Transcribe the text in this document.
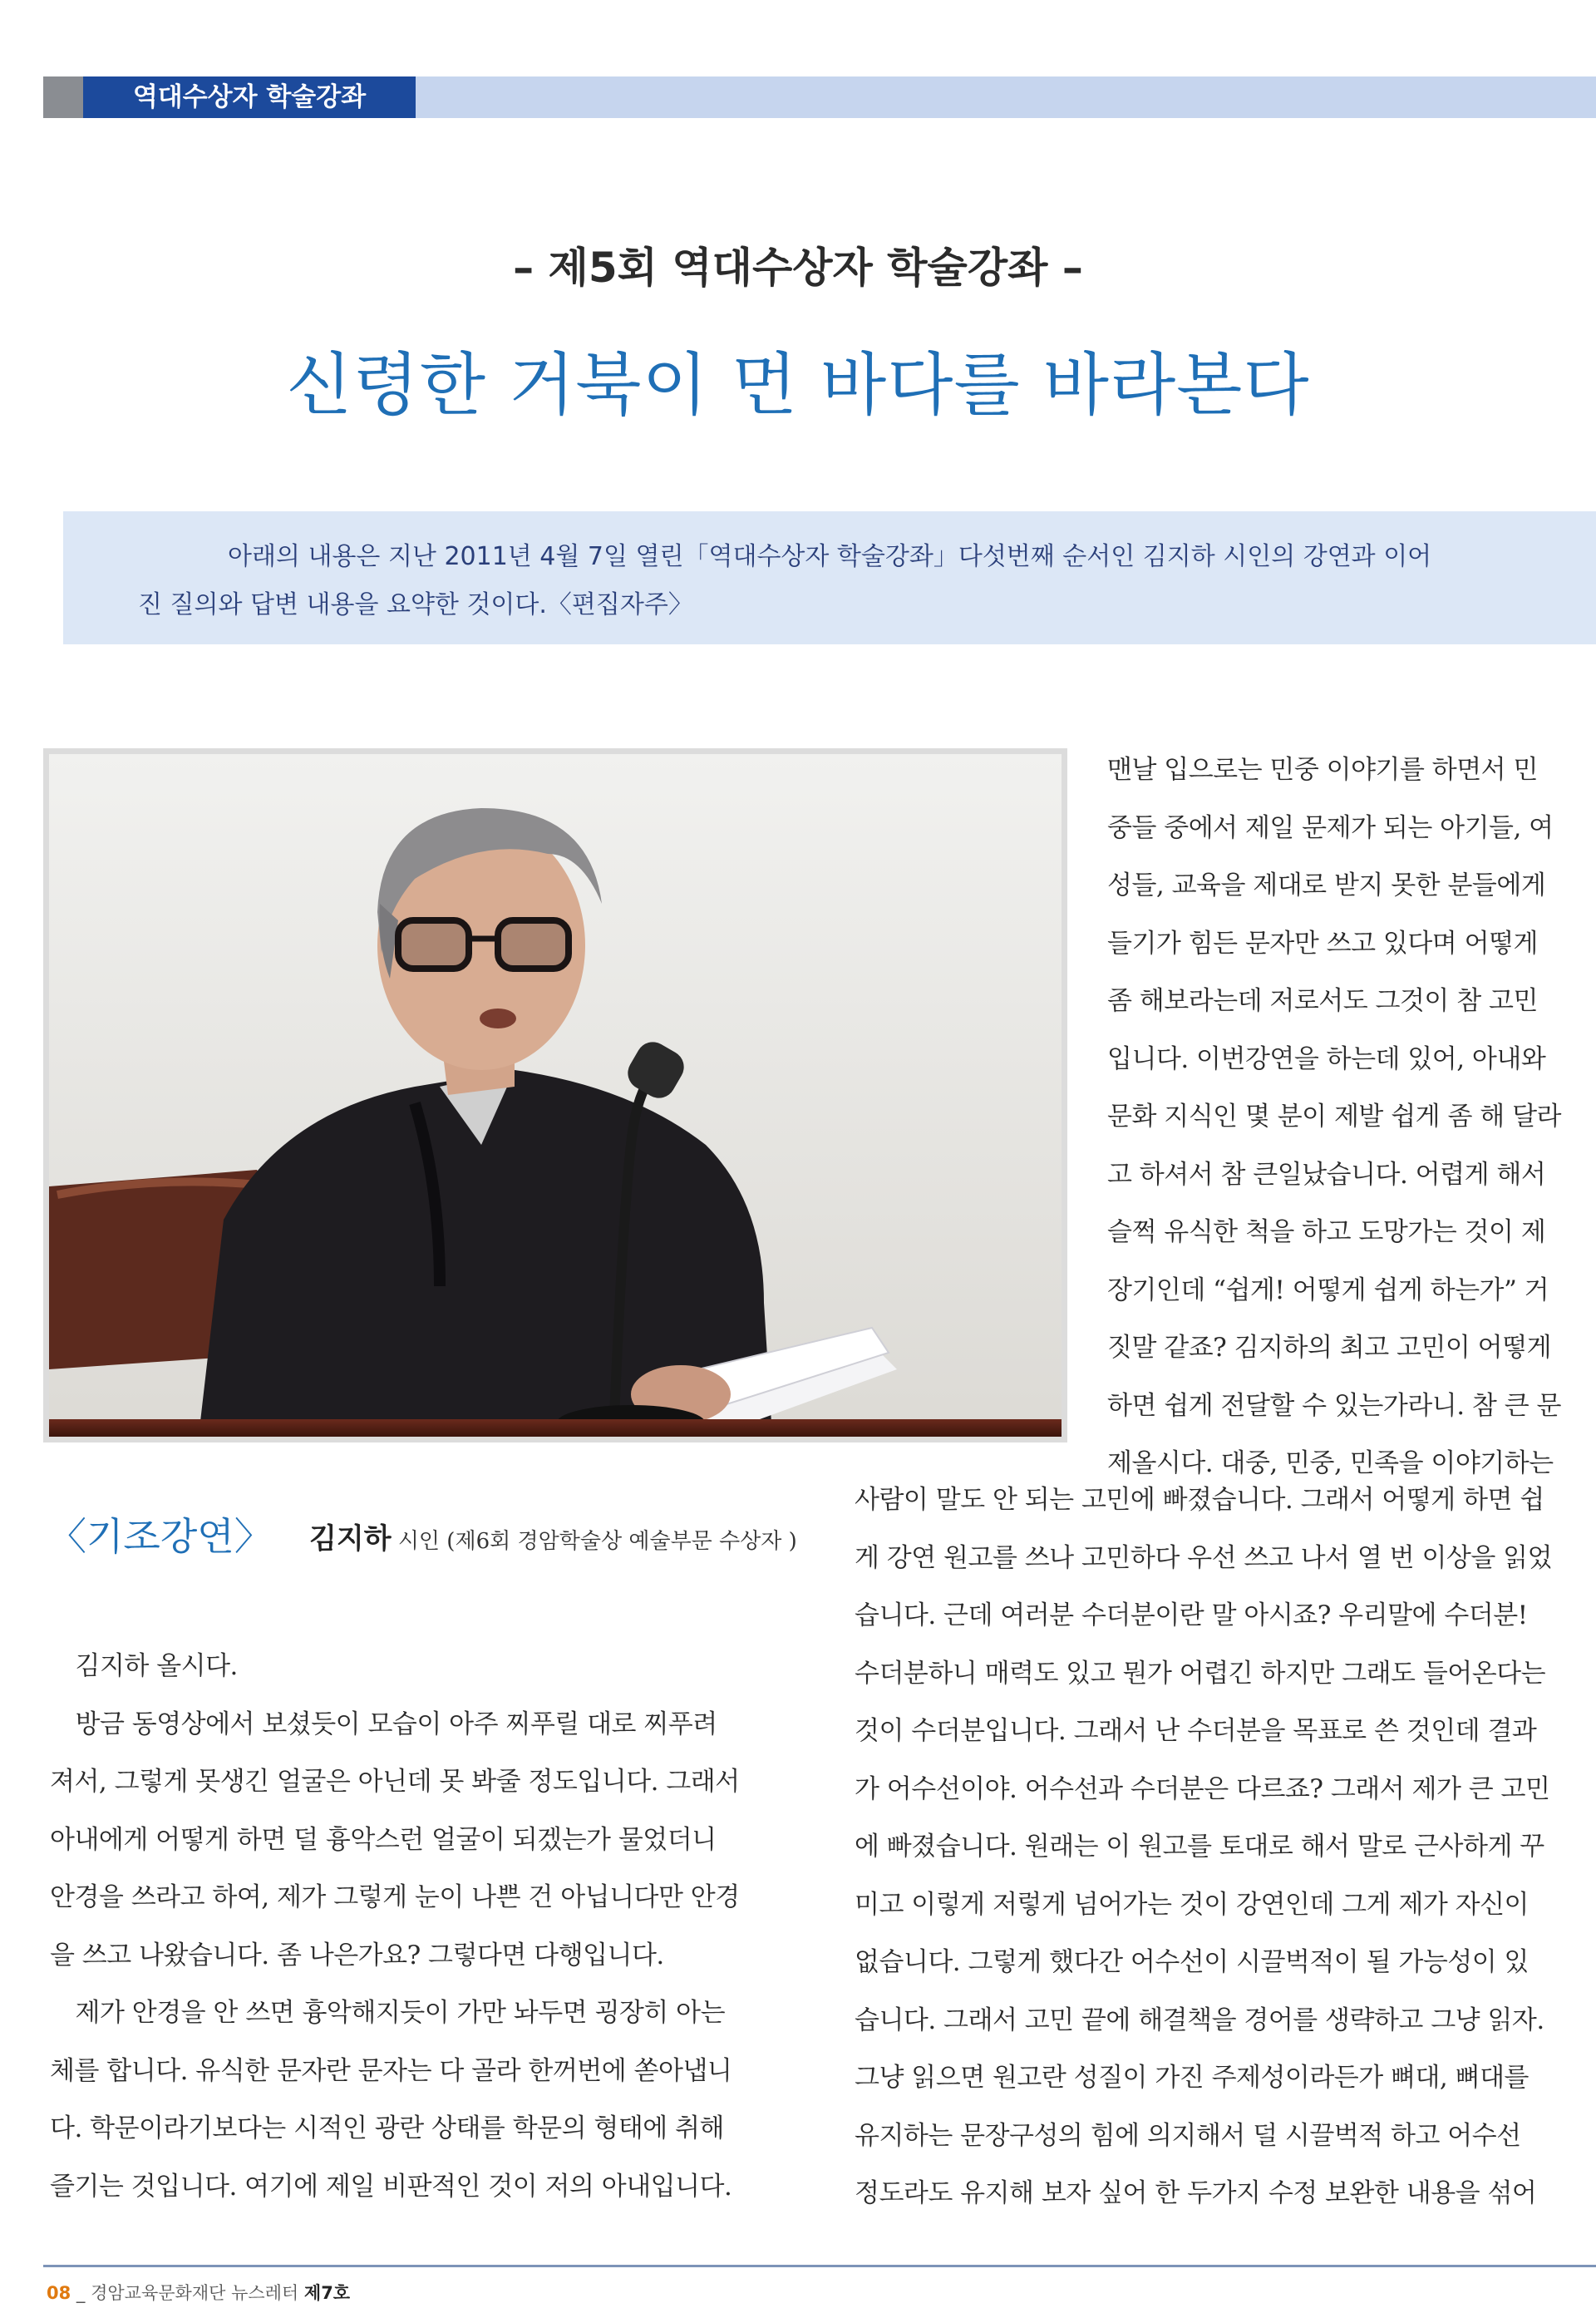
역대수상자 학술강좌
– 제5회 역대수상자 학술강좌 –
신령한 거북이 먼 바다를 바라본다

아래의 내용은 지난 2011년 4월 7일 열린「역대수상자 학술강좌」다섯번째 순서인 김지하 시인의 강연과 이어

진 질의와 답변 내용을 요약한 것이다.〈편집자주〉

맨날 입으로는 민중 이야기를 하면서 민
중들 중에서 제일 문제가 되는 아기들, 여
성들, 교육을 제대로 받지 못한 분들에게
들기가 힘든 문자만 쓰고 있다며 어떻게
좀 해보라는데 저로서도 그것이 참 고민
입니다. 이번강연을 하는데 있어, 아내와
문화 지식인 몇 분이 제발 쉽게 좀 해 달라
고 하셔서 참 큰일났습니다. 어렵게 해서
슬쩍 유식한 척을 하고 도망가는 것이 제
장기인데 “쉽게! 어떻게 쉽게 하는가” 거
짓말 같죠? 김지하의 최고 고민이 어떻게
하면 쉽게 전달할 수 있는가라니. 참 큰 문
제올시다. 대중, 민중, 민족을 이야기하는
〈기조강연〉 김지하 시인 (제6회 경암학술상 예술부문 수상자 )
사람이 말도 안 되는 고민에 빠졌습니다. 그래서 어떻게 하면 쉽
게 강연 원고를 쓰나 고민하다 우선 쓰고 나서 열 번 이상을 읽었
습니다. 근데 여러분 수더분이란 말 아시죠? 우리말에 수더분!
수더분하니 매력도 있고 뭔가 어렵긴 하지만 그래도 들어온다는
것이 수더분입니다. 그래서 난 수더분을 목표로 쓴 것인데 결과
가 어수선이야. 어수선과 수더분은 다르죠? 그래서 제가 큰 고민
에 빠졌습니다. 원래는 이 원고를 토대로 해서 말로 근사하게 꾸
미고 이렇게 저렇게 넘어가는 것이 강연인데 그게 제가 자신이
없습니다. 그렇게 했다간 어수선이 시끌벅적이 될 가능성이 있
습니다. 그래서 고민 끝에 해결책을 경어를 생략하고 그냥 읽자.
그냥 읽으면 원고란 성질이 가진 주제성이라든가 뼈대, 뼈대를
유지하는 문장구성의 힘에 의지해서 덜 시끌벅적 하고 어수선
정도라도 유지해 보자 싶어 한 두가지 수정 보완한 내용을 섞어
　김지하 올시다.
　방금 동영상에서 보셨듯이 모습이 아주 찌푸릴 대로 찌푸려
져서, 그렇게 못생긴 얼굴은 아닌데 못 봐줄 정도입니다. 그래서
아내에게 어떻게 하면 덜 흉악스런 얼굴이 되겠는가 물었더니
안경을 쓰라고 하여, 제가 그렇게 눈이 나쁜 건 아닙니다만 안경
을 쓰고 나왔습니다. 좀 나은가요? 그렇다면 다행입니다.
　제가 안경을 안 쓰면 흉악해지듯이 가만 놔두면 굉장히 아는
체를 합니다. 유식한 문자란 문자는 다 골라 한꺼번에 쏟아냅니
다. 학문이라기보다는 시적인 광란 상태를 학문의 형태에 취해
즐기는 것입니다. 여기에 제일 비판적인 것이 저의 아내입니다.
08 _ 경암교육문화재단 뉴스레터 제7호
